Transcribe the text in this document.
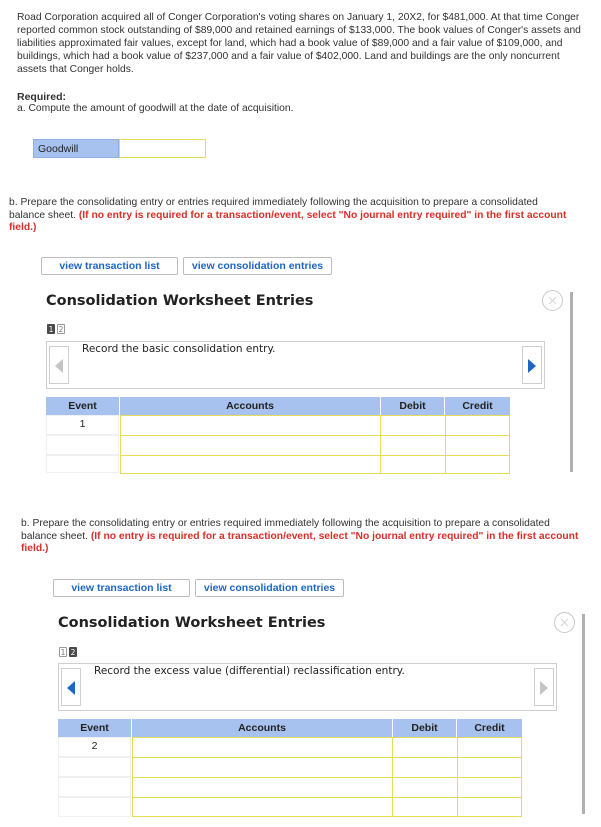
Road Corporation acquired all of Conger Corporation's voting shares on January 1, 20X2, for $481,000. At that time Conger reported common stock outstanding of $89,000 and retained earnings of $133,000. The book values of Conger's assets and liabilities approximated fair values, except for land, which had a book value of $89,000 and a fair value of $109,000, and buildings, which had a book value of $237,000 and a fair value of $402,000. Land and buildings are the only noncurrent assets that Conger holds.
Required:
a. Compute the amount of goodwill at the date of acquisition.
Goodwill
b. Prepare the consolidating entry or entries required immediately following the acquisition to prepare a consolidated balance sheet. (If no entry is required for a transaction/event, select "No journal entry required" in the first account field.)
view transaction list	view consolidation entries
Consolidation Worksheet Entries
1 2
Record the basic consolidation entry.
Event	Accounts	Debit	Credit
1
b. Prepare the consolidating entry or entries required immediately following the acquisition to prepare a consolidated balance sheet. (If no entry is required for a transaction/event, select "No journal entry required" in the first account field.)
view transaction list	view consolidation entries
Consolidation Worksheet Entries
1 2
Record the excess value (differential) reclassification entry.
Event	Accounts	Debit	Credit
2
